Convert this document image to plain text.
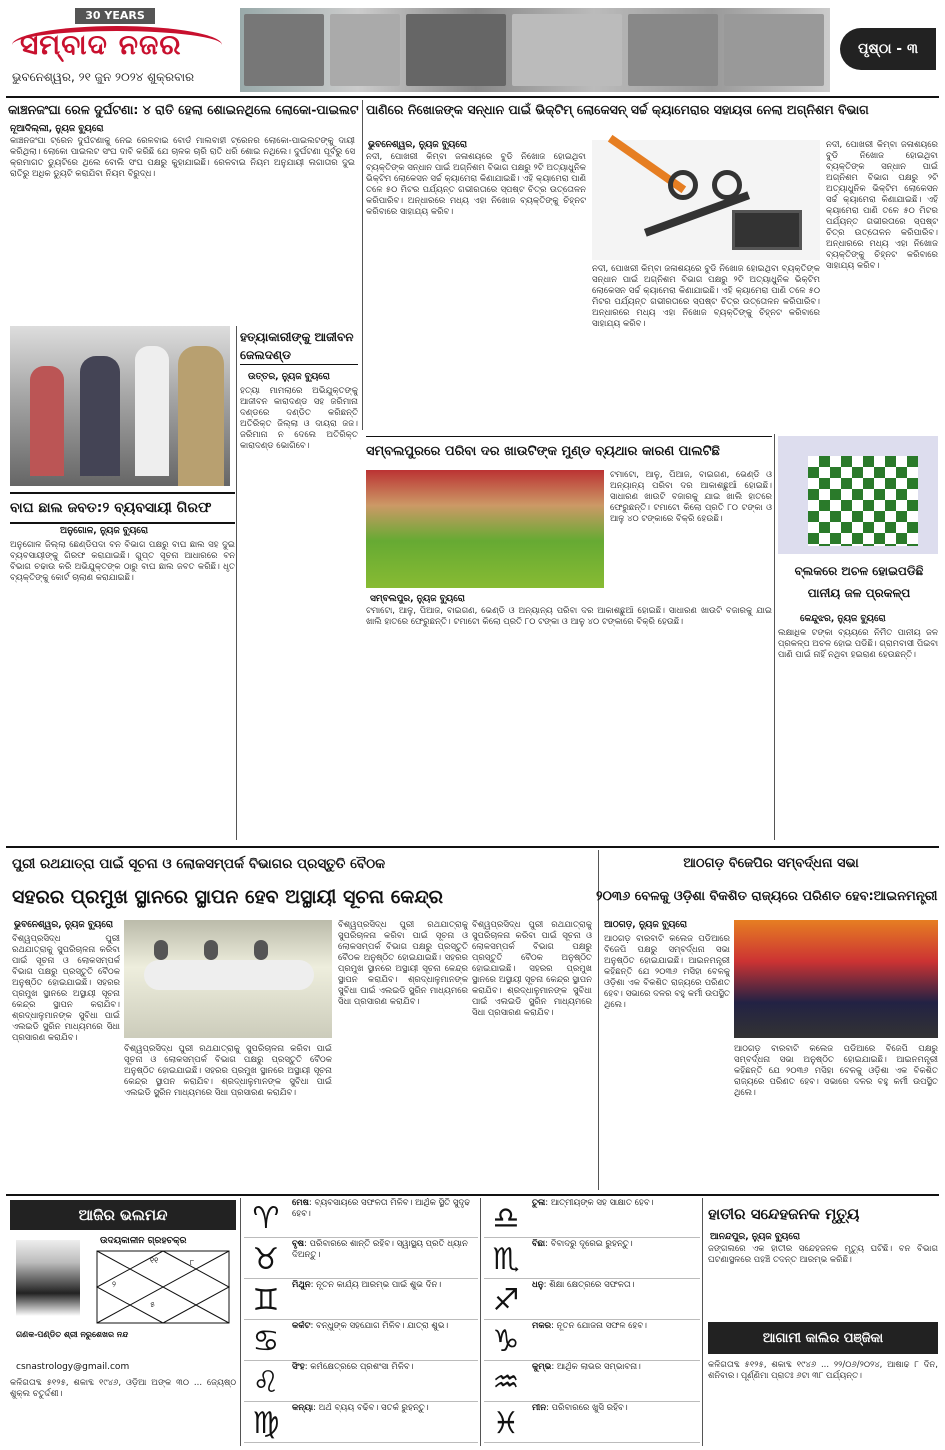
30 YEARS
ସମ୍ବାଦ ନଜର
ଭୁବନେଶ୍ୱର, ୨୧ ଜୁନ ୨୦୨୪ ଶୁକ୍ରବାର
ପୃଷ୍ଠା - ୩
କାଞ୍ଚନଜଂଘା ରେଳ ଦୁର୍ଘଟଣା: ୪ ରାତି ହେଲା ଶୋଇନଥିଲେ ଲୋକୋ-ପାଇଲଟ
ନୂଆଦିଲ୍ଲୀ, ନ୍ୟୁଜ ବ୍ୟୁରୋ
କାଞ୍ଚନଜଂଘା ଟ୍ରେନ ଦୁର୍ଘଟଣାକୁ ନେଇ ରେଳବାଇ ବୋର୍ଡ ମାଲବାହୀ ଟ୍ରେନର ଲୋକୋ-ପାଇଲଟଙ୍କୁ ଦାୟୀ କରିଥିଲା। ଲୋକୋ ପାଇଲଟ ସଂଘ ଦାବି କରିଛି ଯେ ଚାଳକ ଚାରି ରାତି ଧରି ଶୋଇ ନଥିଲେ। ଦୁର୍ଘଟଣା ପୂର୍ବରୁ ସେ କ୍ରମାଗତ ଡ୍ୟୁଟିରେ ଥିଲେ ବୋଲି ସଂଘ ପକ୍ଷରୁ କୁହାଯାଇଛି। ରେଳବାଇ ନିୟମ ଅନୁଯାୟୀ ଲଗାତାର ଦୁଇ ରାତିରୁ ଅଧିକ ଡ୍ୟୁଟି କରାଯିବା ନିୟମ ବିରୁଦ୍ଧ।
ପାଣିରେ ନିଖୋଜଙ୍କ ସନ୍ଧାନ ପାଇଁ ଭିକ୍ଟିମ୍ ଲୋକେସନ୍ ସର୍ଚ୍ଚ କ୍ୟାମେରାର ସହାୟତା ନେଲା ଅଗ୍ନିଶମ ବିଭାଗ
ବାଘ ଛାଲ ଜବତ:୨ ବ୍ୟବସାୟୀ ଗିରଫ
ଅନୁଗୋଳ, ନ୍ୟୁଜ ବ୍ୟୁରୋ
ଅନୁଗୋଳ ଜିଲ୍ଲା ଛେଣ୍ଡିପଦା ବନ ବିଭାଗ ପକ୍ଷରୁ ବାଘ ଛାଲ ସହ ଦୁଇ ବ୍ୟବସାୟୀଙ୍କୁ ଗିରଫ କରାଯାଇଛି। ଗୁପ୍ତ ସୂଚନା ଆଧାରରେ ବନ ବିଭାଗ ଚଢାଉ କରି ଅଭିଯୁକ୍ତଙ୍କ ଠାରୁ ବାଘ ଛାଲ ଜବତ କରିଛି। ଧୃତ ବ୍ୟକ୍ତିଙ୍କୁ କୋର୍ଟ ଚାଲାଣ କରାଯାଇଛି।
ହତ୍ୟାକାରୀଙ୍କୁ ଆଜୀବନ ଜେଲଦଣ୍ଡ
ଉତ୍ତର, ନ୍ୟୁଜ ବ୍ୟୁରୋ
ହତ୍ୟା ମାମଲାରେ ଅଭିଯୁକ୍ତଙ୍କୁ ଆଜୀବନ କାରାଦଣ୍ଡ ସହ ଜରିମାନା ଦଣ୍ଡରେ ଦଣ୍ଡିତ କରିଛନ୍ତି ଅତିରିକ୍ତ ଜିଲ୍ଲା ଓ ଦାୟରା ଜଜ। ଜରିମାନା ନ ଦେଲେ ଅତିରିକ୍ତ କାରାଦଣ୍ଡ ଭୋଗିବେ।
ଭୁବନେଶ୍ୱର, ନ୍ୟୁଜ ବ୍ୟୁରୋ
ନଦୀ, ପୋଖରୀ କିମ୍ବା ଜଳାଶୟରେ ବୁଡି ନିଖୋଜ ହୋଇଥିବା ବ୍ୟକ୍ତିଙ୍କ ସନ୍ଧାନ ପାଇଁ ଅଗ୍ନିଶମ ବିଭାଗ ପକ୍ଷରୁ ୨ଟି ଅତ୍ୟାଧୁନିକ ଭିକ୍ଟିମ ଲୋକେସନ ସର୍ଚ୍ଚ କ୍ୟାମେରା କିଣାଯାଇଛି। ଏହି କ୍ୟାମେରା ପାଣି ତଳେ ୫୦ ମିଟର ପର୍ଯ୍ୟନ୍ତ ଗଭୀରତାରେ ସ୍ପଷ୍ଟ ଚିତ୍ର ଉତ୍ତୋଳନ କରିପାରିବ। ଅନ୍ଧାରରେ ମଧ୍ୟ ଏହା ନିଖୋଜ ବ୍ୟକ୍ତିଙ୍କୁ ଚିହ୍ନଟ କରିବାରେ ସାହାଯ୍ୟ କରିବ।
ନଦୀ, ପୋଖରୀ କିମ୍ବା ଜଳାଶୟରେ ବୁଡି ନିଖୋଜ ହୋଇଥିବା ବ୍ୟକ୍ତିଙ୍କ ସନ୍ଧାନ ପାଇଁ ଅଗ୍ନିଶମ ବିଭାଗ ପକ୍ଷରୁ ୨ଟି ଅତ୍ୟାଧୁନିକ ଭିକ୍ଟିମ ଲୋକେସନ ସର୍ଚ୍ଚ କ୍ୟାମେରା କିଣାଯାଇଛି। ଏହି କ୍ୟାମେରା ପାଣି ତଳେ ୫୦ ମିଟର ପର୍ଯ୍ୟନ୍ତ ଗଭୀରତାରେ ସ୍ପଷ୍ଟ ଚିତ୍ର ଉତ୍ତୋଳନ କରିପାରିବ। ଅନ୍ଧାରରେ ମଧ୍ୟ ଏହା ନିଖୋଜ ବ୍ୟକ୍ତିଙ୍କୁ ଚିହ୍ନଟ କରିବାରେ ସାହାଯ୍ୟ କରିବ।
ନଦୀ, ପୋଖରୀ କିମ୍ବା ଜଳାଶୟରେ ବୁଡି ନିଖୋଜ ହୋଇଥିବା ବ୍ୟକ୍ତିଙ୍କ ସନ୍ଧାନ ପାଇଁ ଅଗ୍ନିଶମ ବିଭାଗ ପକ୍ଷରୁ ୨ଟି ଅତ୍ୟାଧୁନିକ ଭିକ୍ଟିମ ଲୋକେସନ ସର୍ଚ୍ଚ କ୍ୟାମେରା କିଣାଯାଇଛି। ଏହି କ୍ୟାମେରା ପାଣି ତଳେ ୫୦ ମିଟର ପର୍ଯ୍ୟନ୍ତ ଗଭୀରତାରେ ସ୍ପଷ୍ଟ ଚିତ୍ର ଉତ୍ତୋଳନ କରିପାରିବ। ଅନ୍ଧାରରେ ମଧ୍ୟ ଏହା ନିଖୋଜ ବ୍ୟକ୍ତିଙ୍କୁ ଚିହ୍ନଟ କରିବାରେ ସାହାଯ୍ୟ କରିବ।
ସମ୍ବଲପୁରରେ ପରିବା ଦର ଖାଉଟିଙ୍କ ମୁଣ୍ଡ ବ୍ୟଥାର କାରଣ ପାଲଟିଛି
ଟମାଟୋ, ଆଳୁ, ପିଆଜ, ବାଇଗଣ, ଭେଣ୍ଡି ଓ ଅନ୍ୟାନ୍ୟ ପରିବା ଦର ଆକାଶଛୁଆଁ ହୋଇଛି। ସାଧାରଣ ଖାଉଟି ବଜାରକୁ ଯାଇ ଖାଲି ହାତରେ ଫେରୁଛନ୍ତି। ଟମାଟୋ କିଲୋ ପ୍ରତି ୮୦ ଟଙ୍କା ଓ ଆଳୁ ୪୦ ଟଙ୍କାରେ ବିକ୍ରି ହେଉଛି।
ସମ୍ବଲପୁର, ନ୍ୟୁଜ ବ୍ୟୁରୋ
ଟମାଟୋ, ଆଳୁ, ପିଆଜ, ବାଇଗଣ, ଭେଣ୍ଡି ଓ ଅନ୍ୟାନ୍ୟ ପରିବା ଦର ଆକାଶଛୁଆଁ ହୋଇଛି। ସାଧାରଣ ଖାଉଟି ବଜାରକୁ ଯାଇ ଖାଲି ହାତରେ ଫେରୁଛନ୍ତି। ଟମାଟୋ କିଲୋ ପ୍ରତି ୮୦ ଟଙ୍କା ଓ ଆଳୁ ୪୦ ଟଙ୍କାରେ ବିକ୍ରି ହେଉଛି।
ବ୍ଲକରେ ଅଚଳ ହୋଇପଡିଛି ପାନୀୟ ଜଳ ପ୍ରକଳ୍ପ
କେନ୍ଦୁଝର, ନ୍ୟୁଜ ବ୍ୟୁରୋ
ଲକ୍ଷାଧିକ ଟଙ୍କା ବ୍ୟୟରେ ନିର୍ମିତ ପାନୀୟ ଜଳ ପ୍ରକଳ୍ପ ଅଚଳ ହୋଇ ପଡିଛି। ଗ୍ରାମବାସୀ ପିଇବା ପାଣି ପାଇଁ ନାହିଁ ନଥିବା ହଇରାଣ ହେଉଛନ୍ତି।
ପୁରୀ ରଥଯାତ୍ରା ପାଇଁ ସୂଚନା ଓ ଲୋକସମ୍ପର୍କ ବିଭାଗର ପ୍ରସ୍ତୁତି ବୈଠକ
ସହରର ପ୍ରମୁଖ ସ୍ଥାନରେ ସ୍ଥାପନ ହେବ ଅସ୍ଥାୟୀ ସୂଚନା କେନ୍ଦ୍ର
ଭୁବନେଶ୍ୱର, ନ୍ୟୁଜ ବ୍ୟୁରୋ
ବିଶ୍ୱପ୍ରସିଦ୍ଧ ପୁରୀ ରଥଯାତ୍ରାକୁ ସୁପରିଚାଳନା କରିବା ପାଇଁ ସୂଚନା ଓ ଲୋକସମ୍ପର୍କ ବିଭାଗ ପକ୍ଷରୁ ପ୍ରସ୍ତୁତି ବୈଠକ ଅନୁଷ୍ଠିତ ହୋଇଯାଇଛି। ସହରର ପ୍ରମୁଖ ସ୍ଥାନରେ ଅସ୍ଥାୟୀ ସୂଚନା କେନ୍ଦ୍ର ସ୍ଥାପନ କରାଯିବ। ଶ୍ରଦ୍ଧାଳୁମାନଙ୍କ ସୁବିଧା ପାଇଁ ଏଲଇଡି ସ୍କ୍ରିନ ମାଧ୍ୟମରେ ସିଧା ପ୍ରସାରଣ କରାଯିବ।
ବିଶ୍ୱପ୍ରସିଦ୍ଧ ପୁରୀ ରଥଯାତ୍ରାକୁ ସୁପରିଚାଳନା କରିବା ପାଇଁ ସୂଚନା ଓ ଲୋକସମ୍ପର୍କ ବିଭାଗ ପକ୍ଷରୁ ପ୍ରସ୍ତୁତି ବୈଠକ ଅନୁଷ୍ଠିତ ହୋଇଯାଇଛି। ସହରର ପ୍ରମୁଖ ସ୍ଥାନରେ ଅସ୍ଥାୟୀ ସୂଚନା କେନ୍ଦ୍ର ସ୍ଥାପନ କରାଯିବ। ଶ୍ରଦ୍ଧାଳୁମାନଙ୍କ ସୁବିଧା ପାଇଁ ଏଲଇଡି ସ୍କ୍ରିନ ମାଧ୍ୟମରେ ସିଧା ପ୍ରସାରଣ କରାଯିବ।
ବିଶ୍ୱପ୍ରସିଦ୍ଧ ପୁରୀ ରଥଯାତ୍ରାକୁ ସୁପରିଚାଳନା କରିବା ପାଇଁ ସୂଚନା ଓ ଲୋକସମ୍ପର୍କ ବିଭାଗ ପକ୍ଷରୁ ପ୍ରସ୍ତୁତି ବୈଠକ ଅନୁଷ୍ଠିତ ହୋଇଯାଇଛି। ସହରର ପ୍ରମୁଖ ସ୍ଥାନରେ ଅସ୍ଥାୟୀ ସୂଚନା କେନ୍ଦ୍ର ସ୍ଥାପନ କରାଯିବ। ଶ୍ରଦ୍ଧାଳୁମାନଙ୍କ ସୁବିଧା ପାଇଁ ଏଲଇଡି ସ୍କ୍ରିନ ମାଧ୍ୟମରେ ସିଧା ପ୍ରସାରଣ କରାଯିବ।
ବିଶ୍ୱପ୍ରସିଦ୍ଧ ପୁରୀ ରଥଯାତ୍ରାକୁ ସୁପରିଚାଳନା କରିବା ପାଇଁ ସୂଚନା ଓ ଲୋକସମ୍ପର୍କ ବିଭାଗ ପକ୍ଷରୁ ପ୍ରସ୍ତୁତି ବୈଠକ ଅନୁଷ୍ଠିତ ହୋଇଯାଇଛି। ସହରର ପ୍ରମୁଖ ସ୍ଥାନରେ ଅସ୍ଥାୟୀ ସୂଚନା କେନ୍ଦ୍ର ସ୍ଥାପନ କରାଯିବ। ଶ୍ରଦ୍ଧାଳୁମାନଙ୍କ ସୁବିଧା ପାଇଁ ଏଲଇଡି ସ୍କ୍ରିନ ମାଧ୍ୟମରେ ସିଧା ପ୍ରସାରଣ କରାଯିବ।
ଆଠଗଡ଼ ବିଜେପିର ସମ୍ବର୍ଦ୍ଧନା ସଭା
୨୦୩୬ ବେଳକୁ ଓଡ଼ିଶା ବିକଶିତ ରାଜ୍ୟରେ ପରିଣତ ହେବ:ଆଇନମନ୍ତ୍ରୀ
ଆଠଗଡ଼, ନ୍ୟୁଜ ବ୍ୟୁରୋ
ଆଠଗଡ଼ ବାରବାଟି କଲେଜ ପଡିଆରେ ବିଜେପି ପକ୍ଷରୁ ସମ୍ବର୍ଦ୍ଧନା ସଭା ଅନୁଷ୍ଠିତ ହୋଇଯାଇଛି। ଆଇନମନ୍ତ୍ରୀ କହିଛନ୍ତି ଯେ ୨୦୩୬ ମସିହା ବେଳକୁ ଓଡ଼ିଶା ଏକ ବିକଶିତ ରାଜ୍ୟରେ ପରିଣତ ହେବ। ସଭାରେ ଦଳର ବହୁ କର୍ମୀ ଉପସ୍ଥିତ ଥିଲେ।
ଆଠଗଡ଼ ବାରବାଟି କଲେଜ ପଡିଆରେ ବିଜେପି ପକ୍ଷରୁ ସମ୍ବର୍ଦ୍ଧନା ସଭା ଅନୁଷ୍ଠିତ ହୋଇଯାଇଛି। ଆଇନମନ୍ତ୍ରୀ କହିଛନ୍ତି ଯେ ୨୦୩୬ ମସିହା ବେଳକୁ ଓଡ଼ିଶା ଏକ ବିକଶିତ ରାଜ୍ୟରେ ପରିଣତ ହେବ। ସଭାରେ ଦଳର ବହୁ କର୍ମୀ ଉପସ୍ଥିତ ଥିଲେ।
ଆଜିର ଭଲମନ୍ଦ
ଉଦୟକାଳୀନ ଗ୍ରହଚକ୍ର
୧୧	୮
୫
୨
ଗଣକ-ପଣ୍ଡିତ ଶ୍ରୀ ନରୁଶେଖର ନନ୍ଦ
csnastrology@gmail.com
କଳିଗତାବ୍ଦ ୫୧୨୫, ଶକାବ୍ଦ ୧୯୪୬, ଓଡ଼ିଆ ଅଙ୍କ ୩୦ ... ଜ୍ୟେଷ୍ଠ ଶୁକ୍ଲ ଚତୁର୍ଦ୍ଦଶୀ।
♈	ମେଷ: ବ୍ୟବସାୟରେ ସଫଳତା ମିଳିବ। ଆର୍ଥିକ ସ୍ଥିତି ସୁଦୃଢ ହେବ।
♉	ବୃଷ: ପରିବାରରେ ଶାନ୍ତି ରହିବ। ସ୍ୱାସ୍ଥ୍ୟ ପ୍ରତି ଧ୍ୟାନ ଦିଅନ୍ତୁ।
♊	ମିଥୁନ: ନୂତନ କାର୍ଯ୍ୟ ଆରମ୍ଭ ପାଇଁ ଶୁଭ ଦିନ।
♋	କର୍କଟ: ବନ୍ଧୁଙ୍କ ସହଯୋଗ ମିଳିବ। ଯାତ୍ରା ଶୁଭ।
♌	ସିଂହ: କର୍ମକ୍ଷେତ୍ରରେ ପ୍ରଶଂସା ମିଳିବ।
♍	କନ୍ୟା: ଅର୍ଥ ବ୍ୟୟ ବଢିବ। ସତର୍କ ରୁହନ୍ତୁ।
♎	ତୁଳା: ଆତ୍ମୀୟଙ୍କ ସହ ସାକ୍ଷାତ ହେବ।
♏	ବିଛା: ବିବାଦରୁ ଦୂରେଇ ରୁହନ୍ତୁ।
♐	ଧନୁ: ଶିକ୍ଷା କ୍ଷେତ୍ରରେ ସଫଳତା।
♑	ମକର: ନୂତନ ଯୋଜନା ସଫଳ ହେବ।
♒	କୁମ୍ଭ: ଆର୍ଥିକ ଲାଭର ସମ୍ଭାବନା।
♓	ମୀନ: ପରିବାରରେ ଖୁସି ରହିବ।
ହାତୀର ସନ୍ଦେହଜନକ ମୃତ୍ୟୁ
ଆନନ୍ଦପୁର, ନ୍ୟୁଜ ବ୍ୟୁରୋ
ଜଙ୍ଗଲରେ ଏକ ହାତୀର ସନ୍ଦେହଜନକ ମୃତ୍ୟୁ ଘଟିଛି। ବନ ବିଭାଗ ଘଟଣାସ୍ଥଳରେ ପହଞ୍ଚି ତଦନ୍ତ ଆରମ୍ଭ କରିଛି।
ଆଗାମୀ କାଲିର ପଞ୍ଜିକା
କଳିଗତାବ୍ଦ ୫୧୨୫, ଶକାବ୍ଦ ୧୯୪୬ ... ୨୨/୦୬/୨୦୨୪, ଆଷାଢ ୮ ଦିନ, ଶନିବାର। ପୂର୍ଣ୍ଣିମା ପ୍ରାତଃ ୬ଟା ୩୮ ପର୍ଯ୍ୟନ୍ତ।
